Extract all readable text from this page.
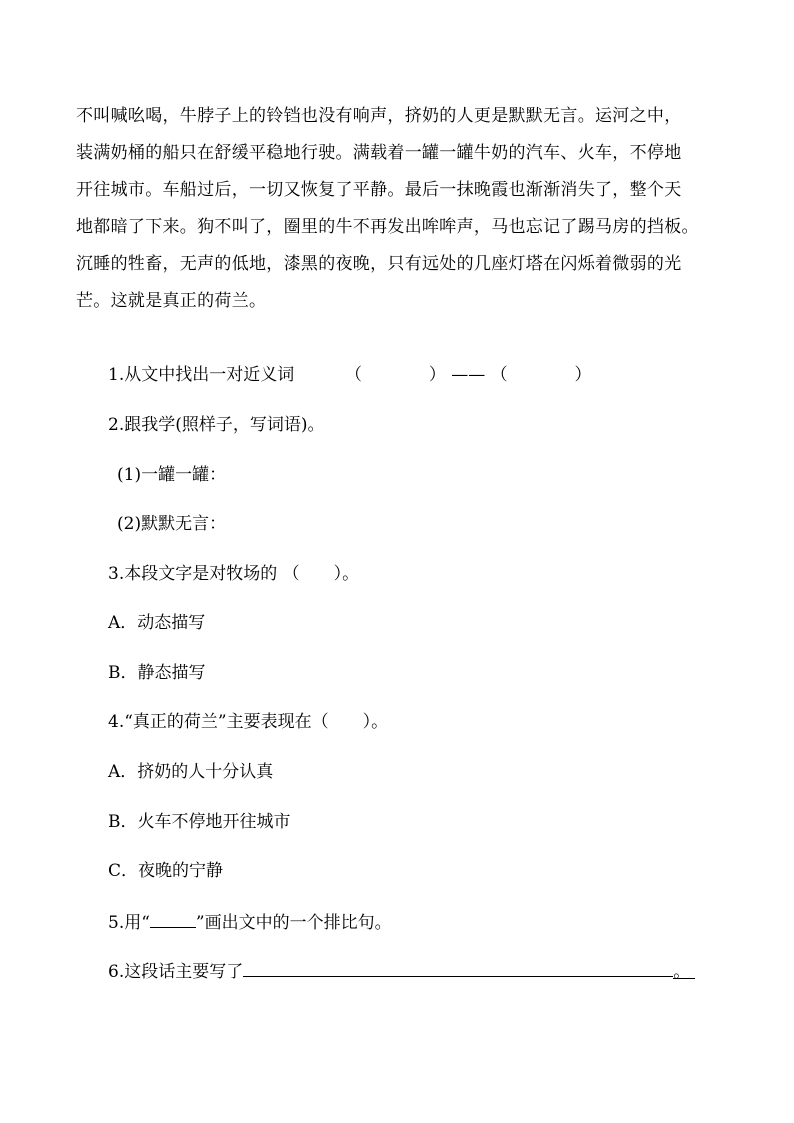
不叫喊吆喝，牛脖子上的铃铛也没有响声，挤奶的人更是默默无言。运河之中，
装满奶桶的船只在舒缓平稳地行驶。满载着一罐一罐牛奶的汽车、火车，不停地
开往城市。车船过后，一切又恢复了平静。最后一抹晚霞也渐渐消失了，整个天
地都暗了下来。狗不叫了，圈里的牛不再发出哞哞声，马也忘记了踢马房的挡板。
沉睡的牲畜，无声的低地，漆黑的夜晚，只有远处的几座灯塔在闪烁着微弱的光
芒。这就是真正的荷兰。
1.从文中找出一对近义词	（	） —— （	）
2.跟我学(照样子，写词语)。
(1)一罐一罐：
(2)默默无言：
3.本段文字是对牧场的 （　　）。
A．动态描写
B．静态描写
4.“真正的荷兰”主要表现在（　　）。
A．挤奶的人十分认真
B．火车不停地开往城市
C．夜晚的宁静
5.用“	”画出文中的一个排比句。
6.这段话主要写了	。
